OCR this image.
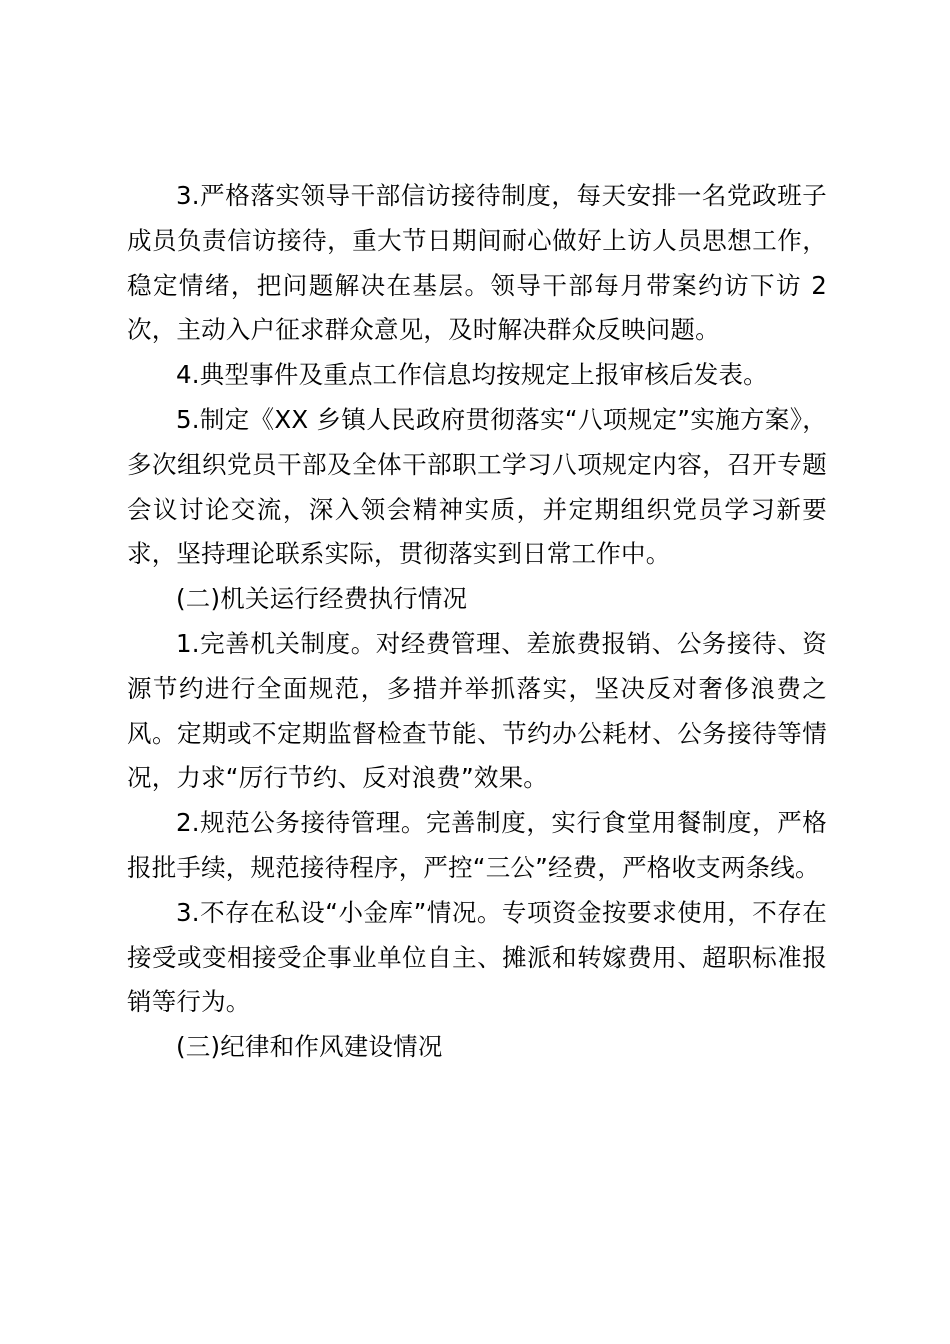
3.严格落实领导干部信访接待制度，每天安排一名党政班子成员负责信访接待，重大节日期间耐心做好上访人员思想工作，稳定情绪，把问题解决在基层。领导干部每月带案约访下访 2 次，主动入户征求群众意见，及时解决群众反映问题。

4.典型事件及重点工作信息均按规定上报审核后发表。

5.制定《XX 乡镇人民政府贯彻落实“八项规定”实施方案》，多次组织党员干部及全体干部职工学习八项规定内容，召开专题会议讨论交流，深入领会精神实质，并定期组织党员学习新要求，坚持理论联系实际，贯彻落实到日常工作中。

(二)机关运行经费执行情况

1.完善机关制度。对经费管理、差旅费报销、公务接待、资源节约进行全面规范，多措并举抓落实，坚决反对奢侈浪费之风。定期或不定期监督检查节能、节约办公耗材、公务接待等情况，力求“厉行节约、反对浪费”效果。

2.规范公务接待管理。完善制度，实行食堂用餐制度，严格报批手续，规范接待程序，严控“三公”经费，严格收支两条线。

3.不存在私设“小金库”情况。专项资金按要求使用，不存在接受或变相接受企事业单位自主、摊派和转嫁费用、超职标准报销等行为。

(三)纪律和作风建设情况
